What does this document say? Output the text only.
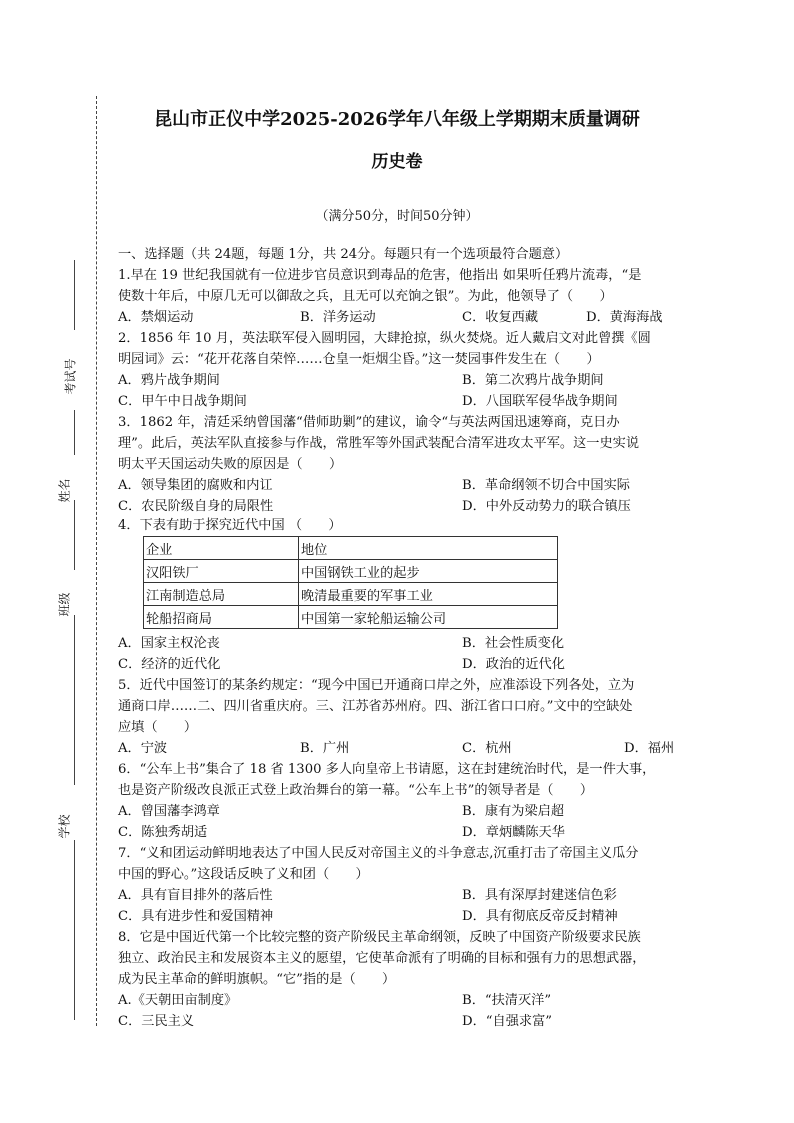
考试号
姓名
班级
学校
昆山市正仪中学2025-2026学年八年级上学期期末质量调研
历史卷
（满分50分，时间50分钟）
一、选择题（共 24题，每题 1分，共 24分。每题只有一个选项最符合题意）
1.早在 19 世纪我国就有一位进步官员意识到毒品的危害，他指出 如果听任鸦片流毒，“是
使数十年后，中原几无可以御敌之兵，且无可以充饷之银”。为此，他领导了（　　）
A．禁烟运动	B．洋务运动	C．收复西藏	D．黄海海战
2．1856 年 10 月，英法联军侵入圆明园，大肆抢掠，纵火焚烧。近人戴启文对此曾撰《圆
明园词》云：“花开花落自荣悴……仓皇一炬烟尘昏。”这一焚园事件发生在（　　）
A．鸦片战争期间	B．第二次鸦片战争期间
C．甲午中日战争期间	D．八国联军侵华战争期间
3．1862 年，清廷采纳曾国藩“借师助剿”的建议，谕令“与英法两国迅速筹商，克日办
理”。此后，英法军队直接参与作战，常胜军等外国武装配合清军进攻太平军。这一史实说
明太平天国运动失败的原因是（　　）
A．领导集团的腐败和内讧	B．革命纲领不切合中国实际
C．农民阶级自身的局限性	D．中外反动势力的联合镇压
4．下表有助于探究近代中国 （　　）
企业	地位
汉阳铁厂	中国钢铁工业的起步
江南制造总局	晚清最重要的军事工业
轮船招商局	中国第一家轮船运输公司
A．国家主权沦丧	B．社会性质变化
C．经济的近代化	D．政治的近代化
5．近代中国签订的某条约规定：“现今中国已开通商口岸之外，应准添设下列各处，立为
通商口岸……二、四川省重庆府。三、江苏省苏州府。四、浙江省口口府。”文中的空缺处
应填（　　）
A．宁波	B．广州	C．杭州	D．福州
6．“公车上书”集合了 18 省 1300 多人向皇帝上书请愿，这在封建统治时代，是一件大事，
也是资产阶级改良派正式登上政治舞台的第一幕。“公车上书”的领导者是（　　）
A．曾国藩李鸿章	B．康有为梁启超
C．陈独秀胡适	D．章炳麟陈天华
7．“义和团运动鲜明地表达了中国人民反对帝国主义的斗争意志,沉重打击了帝国主义瓜分
中国的野心。”这段话反映了义和团（　　）
A．具有盲目排外的落后性	B．具有深厚封建迷信色彩
C．具有进步性和爱国精神	D．具有彻底反帝反封精神
8．它是中国近代第一个比较完整的资产阶级民主革命纲领，反映了中国资产阶级要求民族
独立、政治民主和发展资本主义的愿望，它使革命派有了明确的目标和强有力的思想武器，
成为民主革命的鲜明旗帜。“它”指的是（　　）
A.《天朝田亩制度》	B．“扶清灭洋”
C．三民主义	D．“自强求富”
